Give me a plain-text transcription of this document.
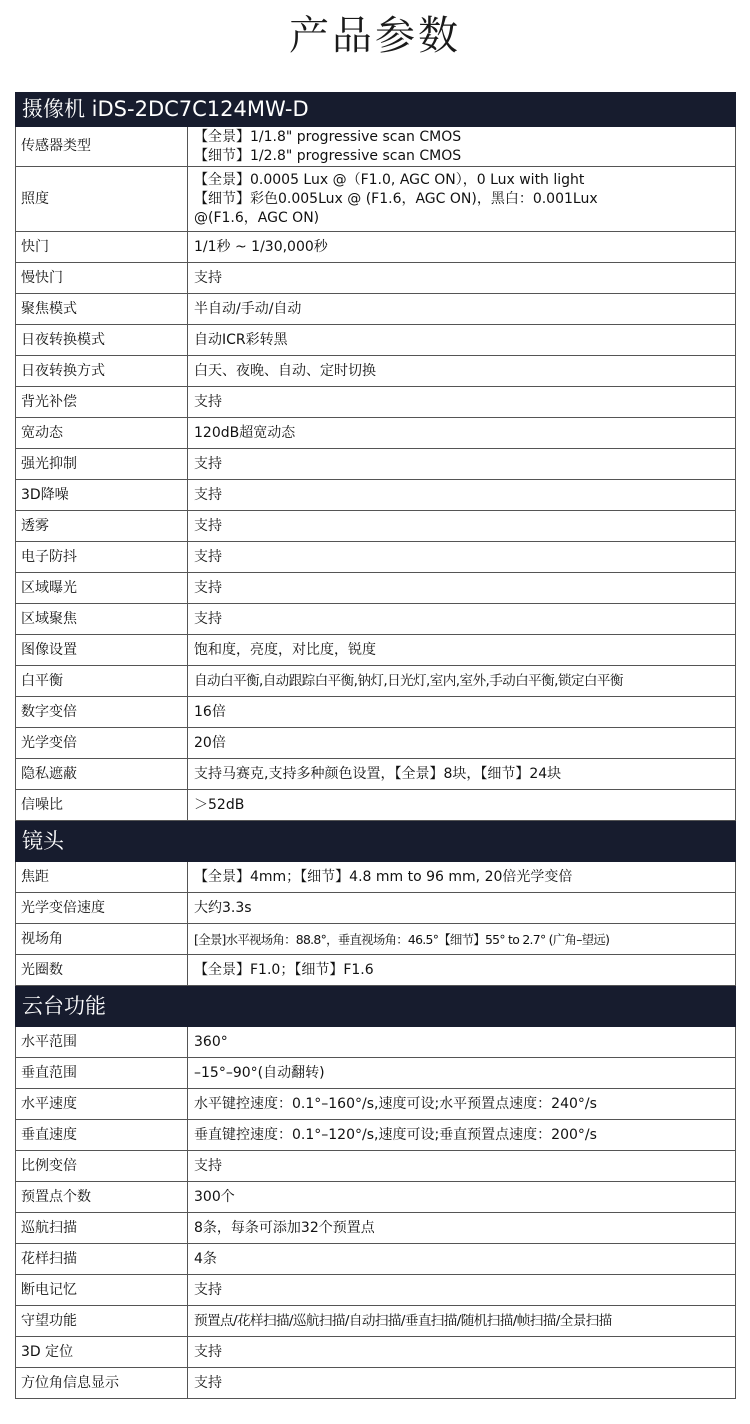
产品参数
摄像机 iDS-2DC7C124MW-D	
传感器类型	【全景】1/1.8" progressive scan CMOS
【细节】1/2.8" progressive scan CMOS

照度	【全景】0.0005 Lux @（F1.0, AGC ON），0 Lux with light
【细节】彩色0.005Lux @ (F1.6，AGC ON)，黑白：0.001Lux
@(F1.6，AGC ON)

快门	1/1秒 ~ 1/30,000秒
慢快门	支持
聚焦模式	半自动/手动/自动
日夜转换模式	自动ICR彩转黑
日夜转换方式	白天、夜晚、自动、定时切换
背光补偿	支持
宽动态	120dB超宽动态
强光抑制	支持
3D降噪	支持
透雾	支持
电子防抖	支持
区域曝光	支持
区域聚焦	支持
图像设置	饱和度，亮度，对比度，锐度
白平衡	自动白平衡,自动跟踪白平衡,钠灯,日光灯,室内,室外,手动白平衡,锁定白平衡
数字变倍	16倍
光学变倍	20倍
隐私遮蔽	支持马赛克,支持多种颜色设置，【全景】8块，【细节】24块
信噪比	＞52dB
镜头	
焦距	【全景】4mm；【细节】4.8 mm to 96 mm, 20倍光学变倍
光学变倍速度	大约3.3s
视场角	[全景]水平视场角：88.8°，垂直视场角：46.5°【细节】55° to 2.7° (广角–望远)
光圈数	【全景】F1.0；【细节】F1.6
云台功能	
水平范围	360°
垂直范围	–15°–90°(自动翻转)
水平速度	水平键控速度：0.1°–160°/s,速度可设;水平预置点速度：240°/s
垂直速度	垂直键控速度：0.1°–120°/s,速度可设;垂直预置点速度：200°/s
比例变倍	支持
预置点个数	300个
巡航扫描	8条，每条可添加32个预置点
花样扫描	4条
断电记忆	支持
守望功能	预置点/花样扫描/巡航扫描/自动扫描/垂直扫描/随机扫描/帧扫描/全景扫描
3D 定位	支持
方位角信息显示	支持
